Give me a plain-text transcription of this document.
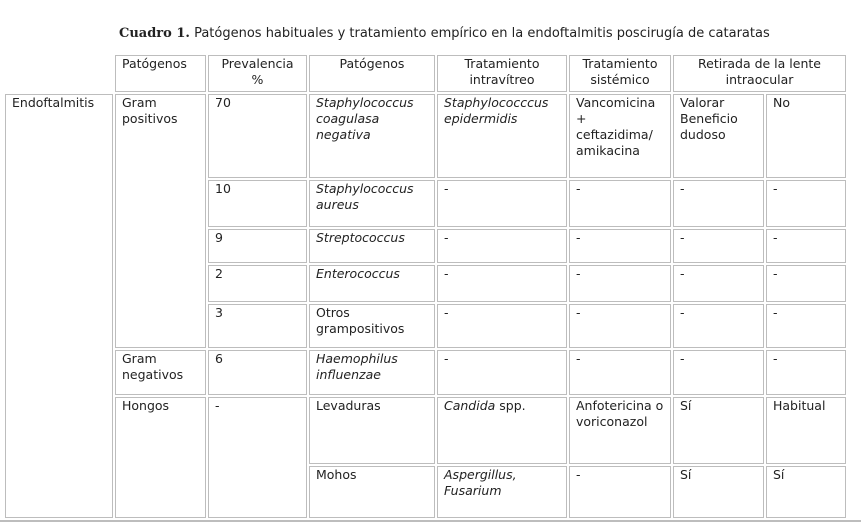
Cuadro 1. Patógenos habituales y tratamiento empírico en la endoftalmitis poscirugía de cataratas
	Patógenos	Prevalencia %	Patógenos	Tratamiento intravítreo	Tratamiento sistémico	Retirada de la lente intraocular	
Endoftalmitis	Gram positivos	70	Staphylococcus coagulasa negativa	Staphylococccus epidermidis	Vancomicina + ceftazidima/ amikacina	Valorar Beneficio dudoso	No
		10	Staphylococcus aureus	-	-	-	-
		9	Streptococcus	-	-	-	-
		2	Enterococcus	-	-	-	-
		3	Otros grampositivos	-	-	-	-
	Gram negativos	6	Haemophilus influenzae	-	-	-	-
	Hongos	-	Levaduras	Candida spp.	Anfotericina o voriconazol	Sí	Habitual
			Mohos	Aspergillus, Fusarium	-	Sí	Sí
